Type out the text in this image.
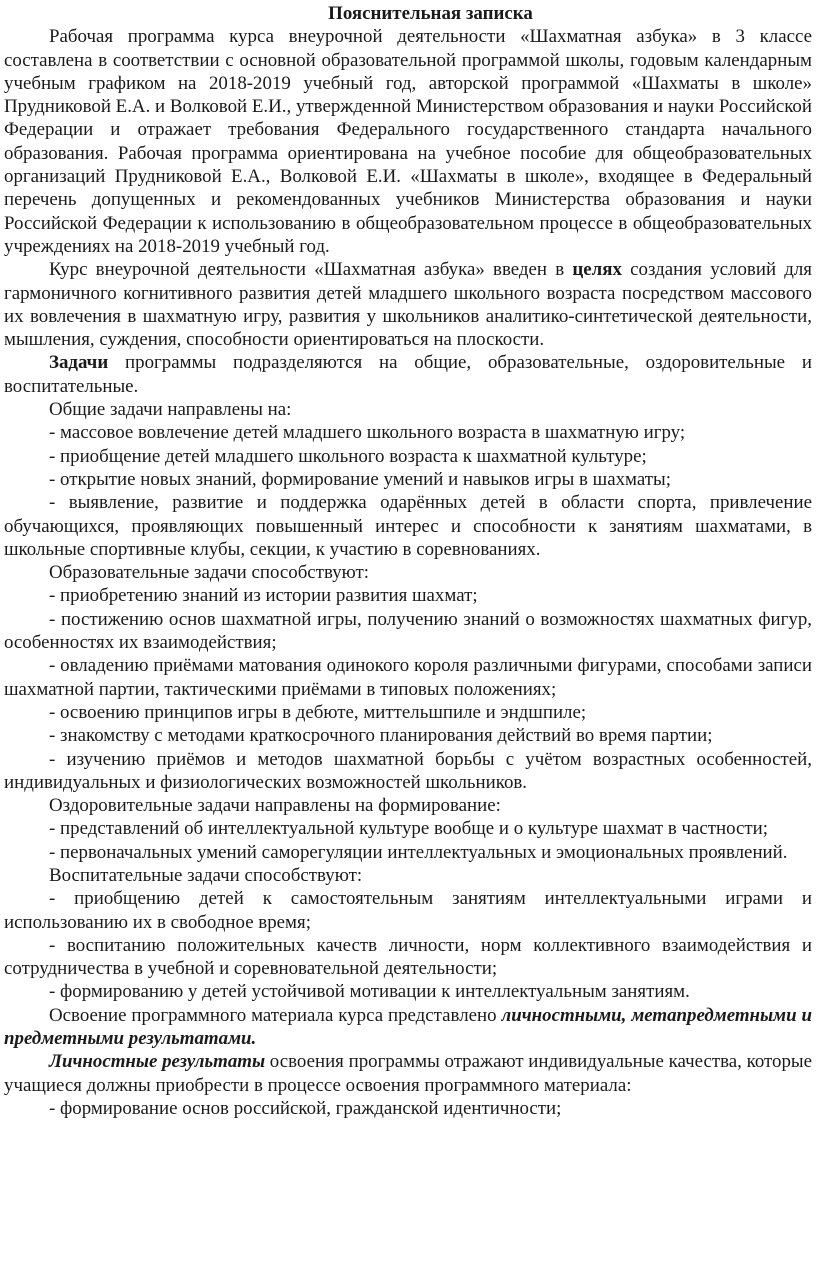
Пояснительная записка

Рабочая программа курса внеурочной деятельности «Шахматная азбука» в 3 классе составлена в соответствии с основной образовательной программой школы, годовым календарным учебным графиком на 2018-2019 учебный год, авторской программой «Шахматы в школе» Прудниковой Е.А. и Волковой Е.И., утвержденной Министерством образования и науки Российской Федерации и отражает требования Федерального государственного стандарта начального образования. Рабочая программа ориентирована на учебное пособие для общеобразовательных организаций Прудниковой Е.А., Волковой Е.И. «Шахматы в школе», входящее в Федеральный перечень допущенных и рекомендованных учебников Министерства образования и науки Российской Федерации к использованию в общеобразовательном процессе в общеобразовательных учреждениях на 2018-2019 учебный год.

Курс внеурочной деятельности «Шахматная азбука» введен в целях создания условий для гармоничного когнитивного развития детей младшего школьного возраста посредством массового их вовлечения в шахматную игру, развития у школьников аналитико-синтетической деятельности, мышления, суждения, способности ориентироваться на плоскости.

Задачи программы подразделяются на общие, образовательные, оздоровительные и воспитательные.

Общие задачи направлены на:

- массовое вовлечение детей младшего школьного возраста в шахматную игру;

- приобщение детей младшего школьного возраста к шахматной культуре;

- открытие новых знаний, формирование умений и навыков игры в шахматы;

- выявление, развитие и поддержка одарённых детей в области спорта, привлечение обучающихся, проявляющих повышенный интерес и способности к занятиям шахматами, в школьные спортивные клубы, секции, к участию в соревнованиях.

Образовательные задачи способствуют:

- приобретению знаний из истории развития шахмат;

- постижению основ шахматной игры, получению знаний о возможностях шахматных фигур, особенностях их взаимодействия;

- овладению приёмами матования одинокого короля различными фигурами, способами записи шахматной партии, тактическими приёмами в типовых положениях;

- освоению принципов игры в дебюте, миттельшпиле и эндшпиле;

- знакомству с методами краткосрочного планирования действий во время партии;

- изучению приёмов и методов шахматной борьбы с учётом возрастных особенностей, индивидуальных и физиологических возможностей школьников.

Оздоровительные задачи направлены на формирование:

- представлений об интеллектуальной культуре вообще и о культуре шахмат в частности;

- первоначальных умений саморегуляции интеллектуальных и эмоциональных проявлений.

Воспитательные задачи способствуют:

- приобщению детей к самостоятельным занятиям интеллектуальными играми и использованию их в свободное время;

- воспитанию положительных качеств личности, норм коллективного взаимодействия и сотрудничества в учебной и соревновательной деятельности;

- формированию у детей устойчивой мотивации к интеллектуальным занятиям.

Освоение программного материала курса представлено личностными, метапредметными и предметными результатами.

Личностные результаты освоения программы отражают индивидуальные качества, которые учащиеся должны приобрести в процессе освоения программного материала:

- формирование основ российской, гражданской идентичности;
